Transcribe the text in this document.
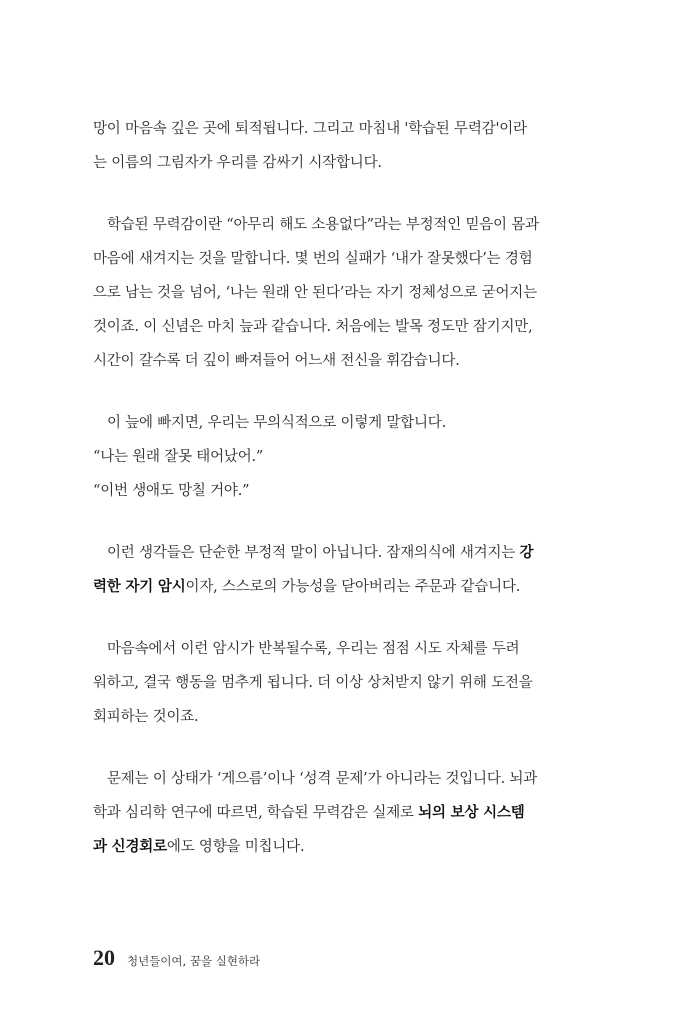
망이 마음속 깊은 곳에 퇴적됩니다. 그리고 마침내 '학습된 무력감'이라
는 이름의 그림자가 우리를 감싸기 시작합니다.
학습된 무력감이란 “아무리 해도 소용없다”라는 부정적인 믿음이 몸과
마음에 새겨지는 것을 말합니다. 몇 번의 실패가 ‘내가 잘못했다’는 경험
으로 남는 것을 넘어, ‘나는 원래 안 된다’라는 자기 정체성으로 굳어지는
것이죠. 이 신념은 마치 늪과 같습니다. 처음에는 발목 정도만 잠기지만,
시간이 갈수록 더 깊이 빠져들어 어느새 전신을 휘감습니다.
이 늪에 빠지면, 우리는 무의식적으로 이렇게 말합니다.
“나는 원래 잘못 태어났어.”
“이번 생애도 망칠 거야.”
이런 생각들은 단순한 부정적 말이 아닙니다. 잠재의식에 새겨지는 강
력한 자기 암시이자, 스스로의 가능성을 닫아버리는 주문과 같습니다.
마음속에서 이런 암시가 반복될수록, 우리는 점점 시도 자체를 두려
워하고, 결국 행동을 멈추게 됩니다. 더 이상 상처받지 않기 위해 도전을
회피하는 것이죠.
문제는 이 상태가 ‘게으름’이나 ‘성격 문제’가 아니라는 것입니다. 뇌과
학과 심리학 연구에 따르면, 학습된 무력감은 실제로 뇌의 보상 시스템
과 신경회로에도 영향을 미칩니다.
20 청년들이여, 꿈을 실현하라
